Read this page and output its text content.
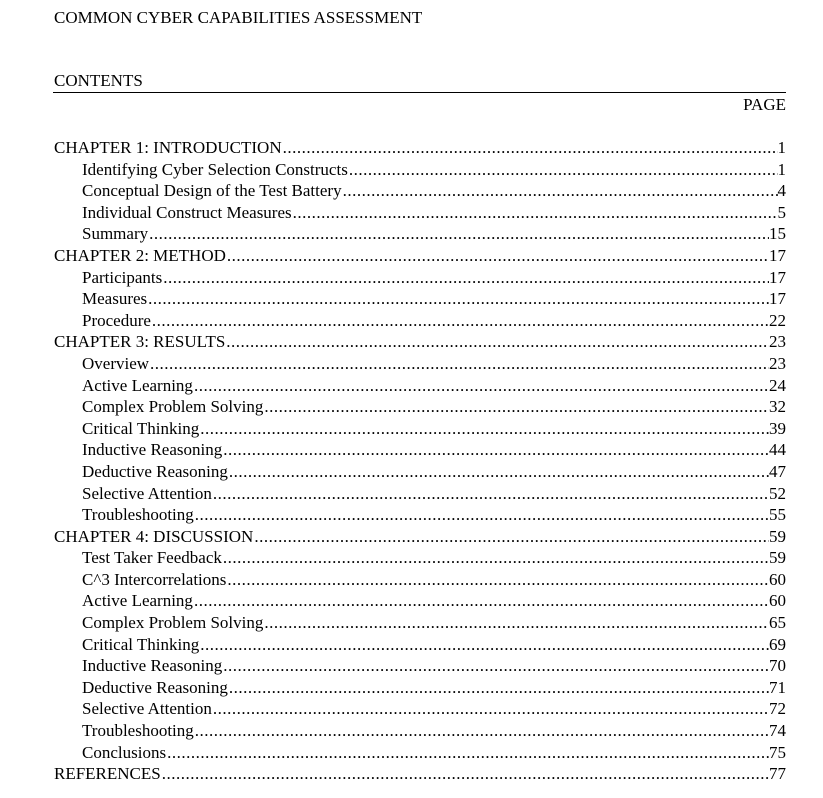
COMMON CYBER CAPABILITIES ASSESSMENT
CONTENTS
PAGE
CHAPTER 1: INTRODUCTION .....	1
Identifying Cyber Selection Constructs .....	1
Conceptual Design of the Test Battery .....	4
Individual Construct Measures .....	5
Summary .....	15
CHAPTER 2: METHOD .....	17
Participants .....	17
Measures .....	17
Procedure .....	22
CHAPTER 3: RESULTS .....	23
Overview .....	23
Active Learning .....	24
Complex Problem Solving .....	32
Critical Thinking .....	39
Inductive Reasoning .....	44
Deductive Reasoning .....	47
Selective Attention .....	52
Troubleshooting .....	55
CHAPTER 4: DISCUSSION .....	59
Test Taker Feedback .....	59
C^3 Intercorrelations .....	60
Active Learning .....	60
Complex Problem Solving .....	65
Critical Thinking .....	69
Inductive Reasoning .....	70
Deductive Reasoning .....	71
Selective Attention .....	72
Troubleshooting .....	74
Conclusions .....	75
REFERENCES .....	77
